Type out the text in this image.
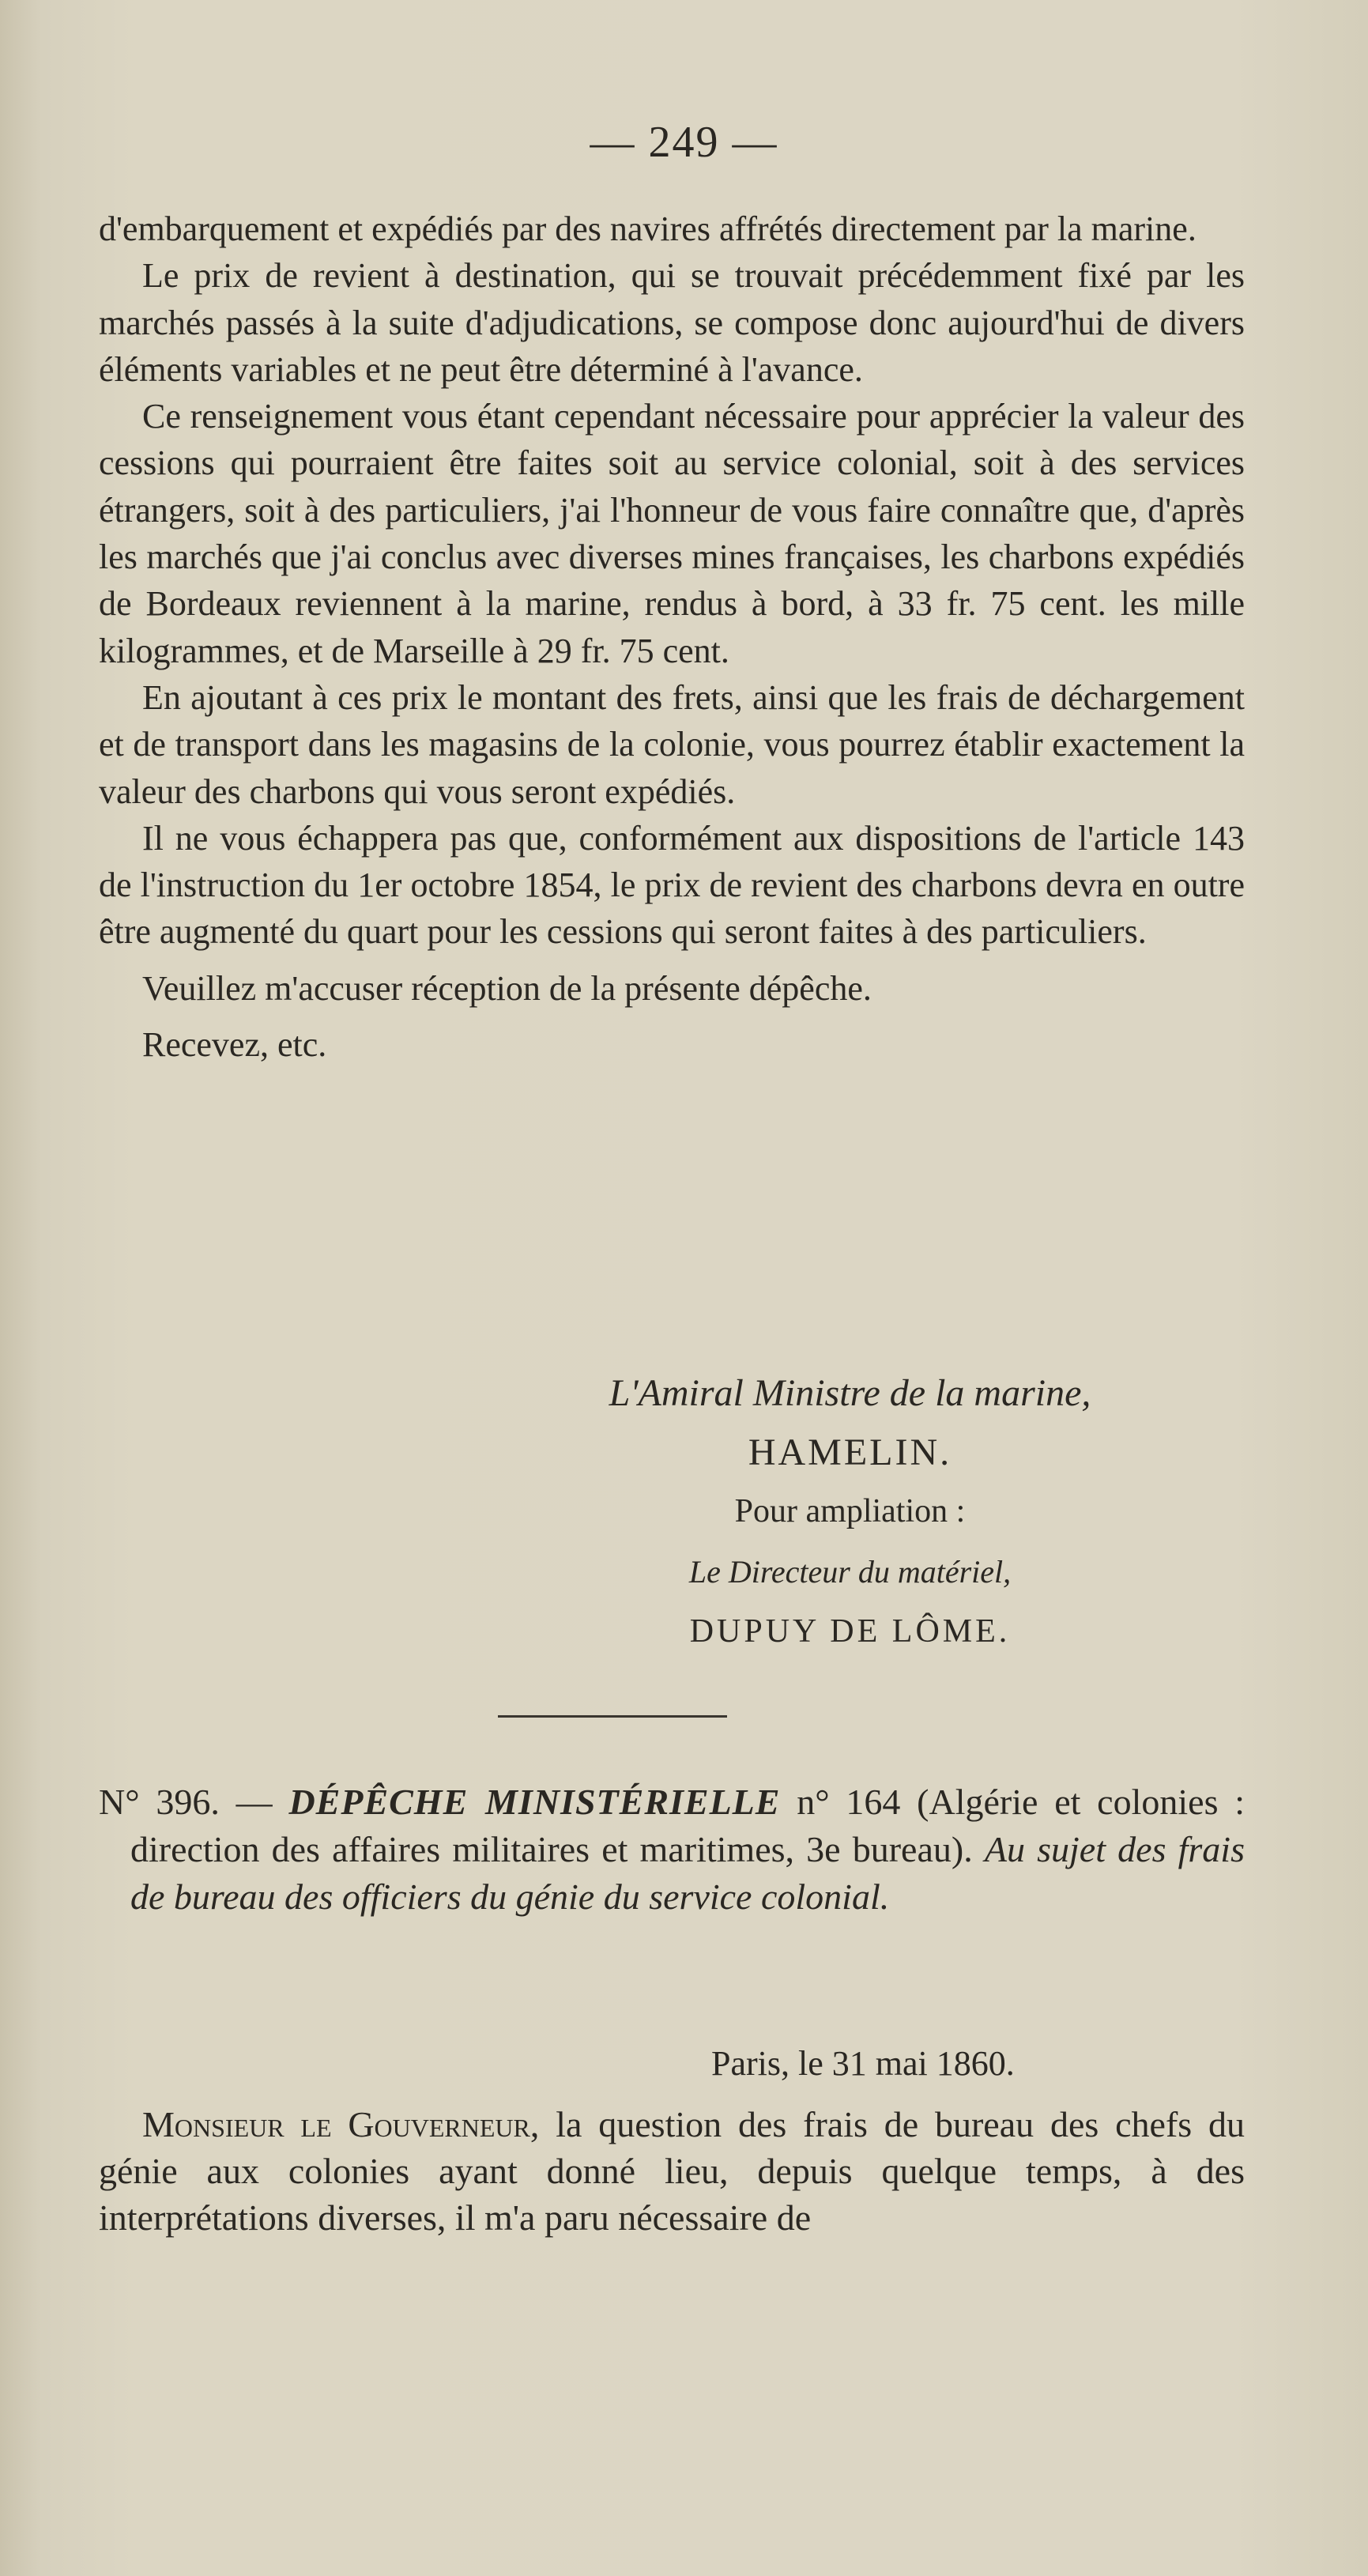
— 249 —

d'embarquement et expédiés par des navires affrétés directement par la marine.

Le prix de revient à destination, qui se trouvait précédemment fixé par les marchés passés à la suite d'adjudications, se compose donc aujourd'hui de divers éléments variables et ne peut être déterminé à l'avance.

Ce renseignement vous étant cependant nécessaire pour apprécier la valeur des cessions qui pourraient être faites soit au service colonial, soit à des services étrangers, soit à des particuliers, j'ai l'honneur de vous faire connaître que, d'après les marchés que j'ai conclus avec diverses mines françaises, les charbons expédiés de Bordeaux reviennent à la marine, rendus à bord, à 33 fr. 75 cent. les mille kilogrammes, et de Marseille à 29 fr. 75 cent.

En ajoutant à ces prix le montant des frets, ainsi que les frais de déchargement et de transport dans les magasins de la colonie, vous pourrez établir exactement la valeur des charbons qui vous seront expédiés.

Il ne vous échappera pas que, conformément aux dispositions de l'article 143 de l'instruction du 1er octobre 1854, le prix de revient des charbons devra en outre être augmenté du quart pour les cessions qui seront faites à des particuliers.

Veuillez m'accuser réception de la présente dépêche.

Recevez, etc.

L'Amiral Ministre de la marine,
HAMELIN.
Pour ampliation :
Le Directeur du matériel,
DUPUY DE LÔME.

N° 396. — DÉPÊCHE MINISTÉRIELLE n° 164 (Algérie et colonies : direction des affaires militaires et maritimes, 3e bureau). Au sujet des frais de bureau des officiers du génie du service colonial.

Paris, le 31 mai 1860.

Monsieur le Gouverneur, la question des frais de bureau des chefs du génie aux colonies ayant donné lieu, depuis quelque temps, à des interprétations diverses, il m'a paru nécessaire de
